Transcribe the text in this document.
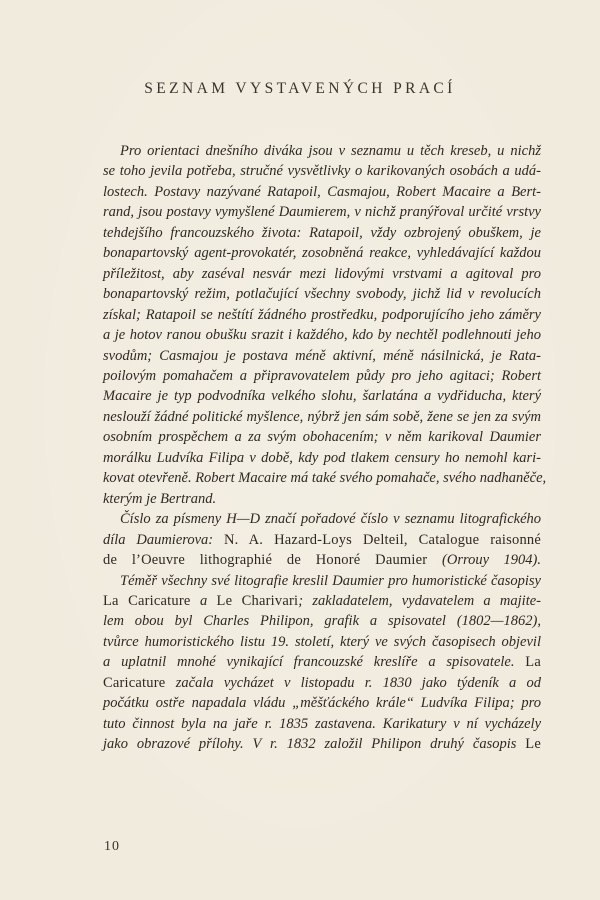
SEZNAM VYSTAVENÝCH PRACÍ
Pro orientaci dnešního diváka jsou v seznamu u těch kreseb, u nichž
se toho jevila potřeba, stručné vysvětlivky o karikovaných osobách a udá-
lostech. Postavy nazývané Ratapoil, Casmajou, Robert Macaire a Bert-
rand, jsou postavy vymyšlené Daumierem, v nichž pranýřoval určité vrstvy
tehdejšího francouzského života: Ratapoil, vždy ozbrojený obuškem, je
bonapartovský agent-provokatér, zosobněná reakce, vyhledávající každou
příležitost, aby zaséval nesvár mezi lidovými vrstvami a agitoval pro
bonapartovský režim, potlačující všechny svobody, jichž lid v revolucích
získal; Ratapoil se neštítí žádného prostředku, podporujícího jeho záměry
a je hotov ranou obušku srazit i každého, kdo by nechtěl podlehnouti jeho
svodům; Casmajou je postava méně aktivní, méně násilnická, je Rata-
poilovým pomahačem a připravovatelem půdy pro jeho agitaci; Robert
Macaire je typ podvodníka velkého slohu, šarlatána a vydřiducha, který
neslouží žádné politické myšlence, nýbrž jen sám sobě, žene se jen za svým
osobním prospěchem a za svým obohacením; v něm karikoval Daumier
morálku Ludvíka Filipa v době, kdy pod tlakem censury ho nemohl kari-
kovat otevřeně. Robert Macaire má také svého pomahače, svého nadhaněče,
kterým je Bertrand.
Číslo za písmeny H—D značí pořadové číslo v seznamu litografického
díla Daumierova: N. A. Hazard-Loys Delteil, Catalogue raisonné
de l’Oeuvre lithographié de Honoré Daumier (Orrouy 1904).
Téměř všechny své litografie kreslil Daumier pro humoristické časopisy
La Caricature a Le Charivari; zakladatelem, vydavatelem a majite-
lem obou byl Charles Philipon, grafik a spisovatel (1802—1862),
tvůrce humoristického listu 19. století, který ve svých časopisech objevil
a uplatnil mnohé vynikající francouzské kreslíře a spisovatele. La
Caricature začala vycházet v listopadu r. 1830 jako týdeník a od
počátku ostře napadala vládu „měšťáckého krále“ Ludvíka Filipa; pro
tuto činnost byla na jaře r. 1835 zastavena. Karikatury v ní vycházely
jako obrazové přílohy. V r. 1832 založil Philipon druhý časopis Le
10
